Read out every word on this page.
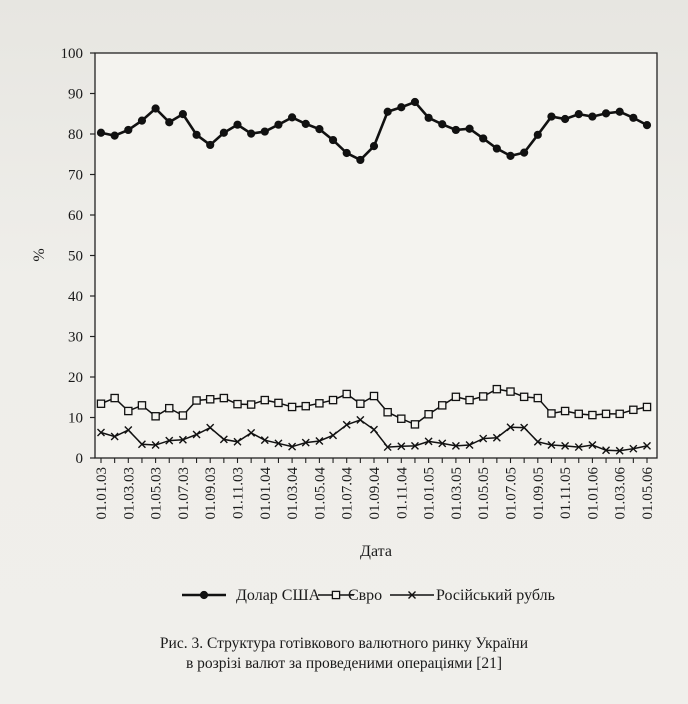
0
10
20
30
40
50
60
70
80
90
100
01.01.03 01.03.03 01.05.03 01.07.03 01.09.03 01.11.03 01.01.04 01.03.04 01.05.04 01.07.04 01.09.04 01.11.04 01.01.05 01.03.05 01.05.05 01.07.05 01.09.05 01.11.05 01.01.06 01.03.06 01.05.06
%
Дата
Долар США Євро	Російський рубль
Рис. 3. Структура готівкового валютного ринку України
в розрізі валют за проведеними операціями [21]
